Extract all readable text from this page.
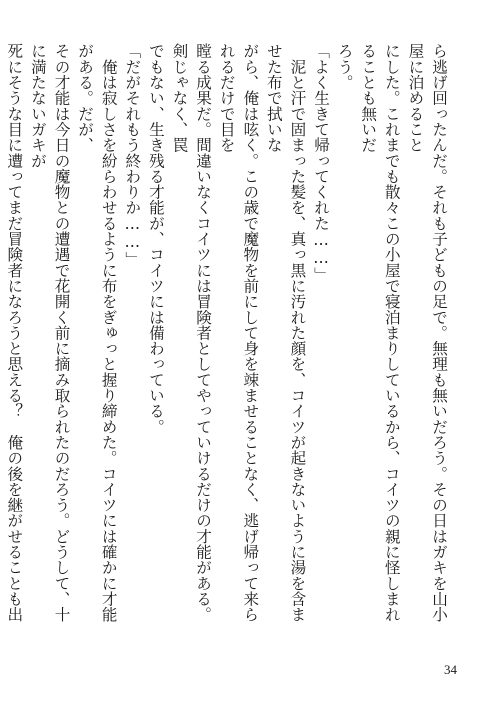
ら逃げ回ったんだ。それも子どもの足で。無理も無いだろう。その日はガキを山小屋に泊めること
にした。これまでも散々この小屋で寝泊まりしているから、コイツの親に怪しまれることも無いだ
ろう。
「よく生きて帰ってくれた……」
　泥と汗で固まった髪を、真っ黒に汚れた顔を、コイツが起きないように湯を含ませた布で拭いな
がら、俺は呟く。この歳で魔物を前にして身を竦ませることなく、逃げ帰って来られるだけで目を
瞠る成果だ。間違いなくコイツには冒険者としてやっていけるだけの才能がある。剣じゃなく、罠
でもない、生き残る才能が、コイツには備わっている。
「だがそれもう終わりか……」
　俺は寂しさを紛らわせるように布をぎゅっと握り締めた。コイツには確かに才能がある。だが、
その才能は今日の魔物との遭遇で花開く前に摘み取られたのだろう。どうして、十に満たないガキが
死にそうな目に遭ってまだ冒険者になろうと思える？　俺の後を継がせることも出
34
